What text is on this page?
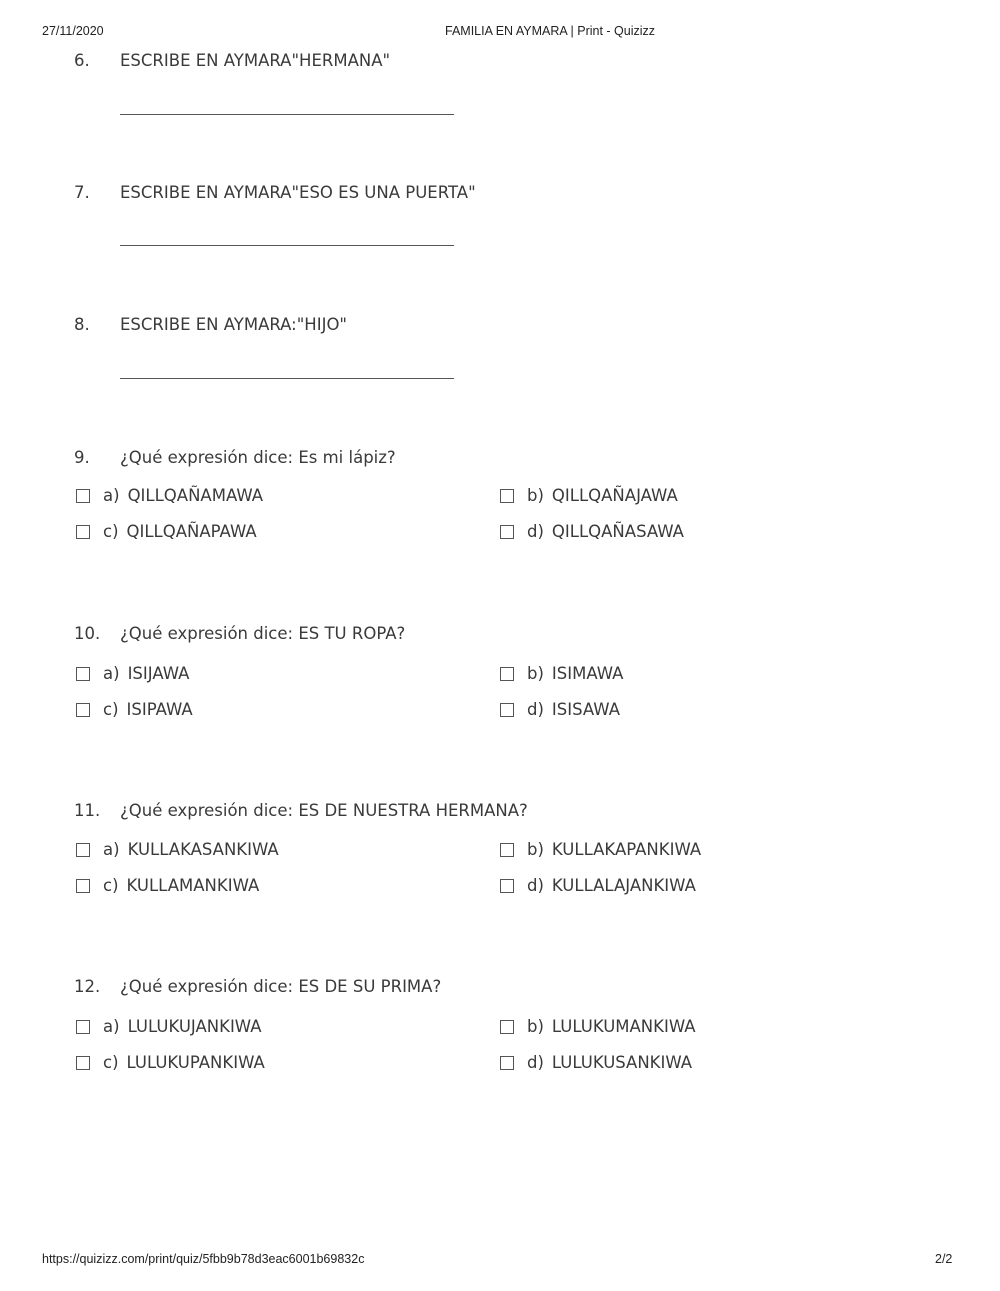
27/11/2020	FAMILIA EN AYMARA | Print - Quizizz
6. ESCRIBE EN AYMARA"HERMANA"
7. ESCRIBE EN AYMARA"ESO ES UNA PUERTA"
8. ESCRIBE EN AYMARA:"HIJO"
9. ¿Qué expresión dice: Es mi lápiz?
a) QILLQAÑAMAWA	b) QILLQAÑAJAWA
c) QILLQAÑAPAWA	d) QILLQAÑASAWA
10. ¿Qué expresión dice: ES TU ROPA?
a) ISIJAWA	b) ISIMAWA
c) ISIPAWA	d) ISISAWA
11. ¿Qué expresión dice: ES DE NUESTRA HERMANA?
a) KULLAKASANKIWA	b) KULLAKAPANKIWA
c) KULLAMANKIWA	d) KULLALAJANKIWA
12. ¿Qué expresión dice: ES DE SU PRIMA?
a) LULUKUJANKIWA	b) LULUKUMANKIWA
c) LULUKUPANKIWA	d) LULUKUSANKIWA
https://quizizz.com/print/quiz/5fbb9b78d3eac6001b69832c	2/2
